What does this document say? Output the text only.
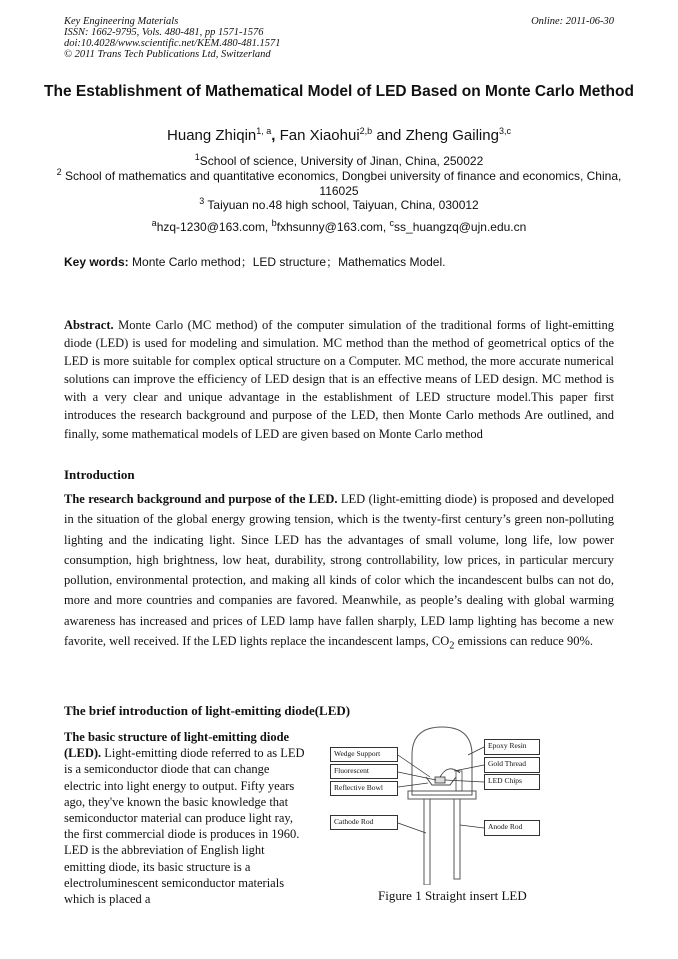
Key Engineering Materials
ISSN: 1662-9795, Vols. 480-481, pp 1571-1576
doi:10.4028/www.scientific.net/KEM.480-481.1571
© 2011 Trans Tech Publications Ltd, Switzerland
Online: 2011-06-30
The Establishment of Mathematical Model of LED Based on Monte Carlo Method
Huang Zhiqin$^{1, a}$, Fan Xiaohui$^{2,b}$ and Zheng Gailing$^{3,c}$
$^1$School of science, University of Jinan, China, 250022
$^2$ School of mathematics and quantitative economics, Dongbei university of finance and economics, China, 116025
$^3$ Taiyuan no.48 high school, Taiyuan, China, 030012
$^a$hzq-1230@163.com, $^b$fxhsunny@163.com, $^c$ss_huangzq@ujn.edu.cn
Key words: Monte Carlo method；LED structure；Mathematics Model.
Abstract. Monte Carlo (MC method) of the computer simulation of the traditional forms of light-emitting diode (LED) is used for modeling and simulation. MC method than the method of geometrical optics of the LED is more suitable for complex optical structure on a Computer. MC method, the more accurate numerical solutions can improve the efficiency of LED design that is an effective means of LED design. MC method is with a very clear and unique advantage in the establishment of LED structure model.This paper first introduces the research background and purpose of the LED, then Monte Carlo methods Are outlined, and finally, some mathematical models of LED are given based on Monte Carlo method
Introduction
The research background and purpose of the LED. LED (light-emitting diode) is proposed and developed in the situation of the global energy growing tension, which is the twenty-first century’s green non-polluting lighting and the indicating light. Since LED has the advantages of small volume, long life, low power consumption, high brightness, low heat, durability, strong controllability, low prices, in particular mercury pollution, environmental protection, and making all kinds of color which the incandescent bulbs can not do, more and more countries and companies are favored. Meanwhile, as people’s dealing with global warming awareness has increased and prices of LED lamp have fallen sharply, LED lamp lighting has become a new favorite, well received. If the LED lights replace the incandescent lamps, $CO_2$ emissions can reduce 90%.
The brief introduction of light-emitting diode(LED)
The basic structure of light-emitting diode (LED). Light-emitting diode referred to as LED is a semiconductor diode that can change electric into light energy to output. Fifty years ago, they've known the basic knowledge that semiconductor material can produce light ray, the first commercial diode is produces in 1960. LED is the abbreviation of English light emitting diode, its basic structure is a electroluminescent semiconductor materials which is placed a
Wedge Support
Fluorescent
Reflective Bowl
Cathode Rod
Epoxy Resin
Gold Thread
LED Chips
Anode Rod
Figure 1 Straight insert LED
